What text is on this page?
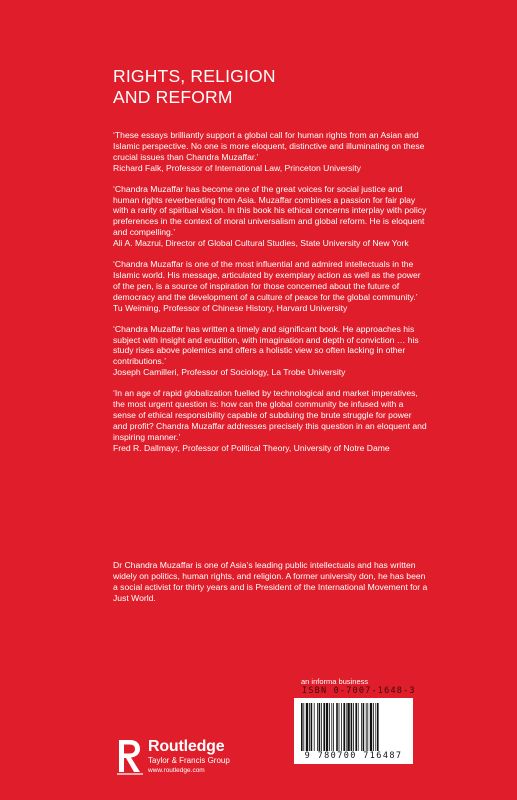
RIGHTS, RELIGION
AND REFORM

‘These essays brilliantly support a global call for human rights from an Asian and Islamic perspective. No one is more eloquent, distinctive and illuminating on these crucial issues than Chandra Muzaffar.’

Richard Falk, Professor of International Law, Princeton University

‘Chandra Muzaffar has become one of the great voices for social justice and human rights reverberating from Asia. Muzaffar combines a passion for fair play with a rarity of spiritual vision. In this book his ethical concerns interplay with policy preferences in the context of moral universalism and global reform. He is eloquent and compelling.’

Ali A. Mazrui, Director of Global Cultural Studies, State University of New York

‘Chandra Muzaffar is one of the most influential and admired intellectuals in the Islamic world. His message, articulated by exemplary action as well as the power of the pen, is a source of inspiration for those concerned about the future of democracy and the development of a culture of peace for the global community.’

Tu Weiming, Professor of Chinese History, Harvard University

‘Chandra Muzaffar has written a timely and significant book. He approaches his subject with insight and erudition, with imagination and depth of conviction … his study rises above polemics and offers a holistic view so often lacking in other contributions.’

Joseph Camilleri, Professor of Sociology, La Trobe University

‘In an age of rapid globalization fuelled by technological and market imperatives, the most urgent question is: how can the global community be infused with a sense of ethical responsibility capable of subduing the brute struggle for power and profit? Chandra Muzaffar addresses precisely this question in an eloquent and inspiring manner.’

Fred R. Dallmayr, Professor of Political Theory, University of Notre Dame

Dr Chandra Muzaffar is one of Asia’s leading public intellectuals and has written widely on politics, human rights, and religion. A former university don, he has been a social activist for thirty years and is President of the International Movement for a Just World.

an informa business
ISBN 0-7007-1648-3
9 780700 716487
Routledge
Taylor & Francis Group
www.routledge.com
